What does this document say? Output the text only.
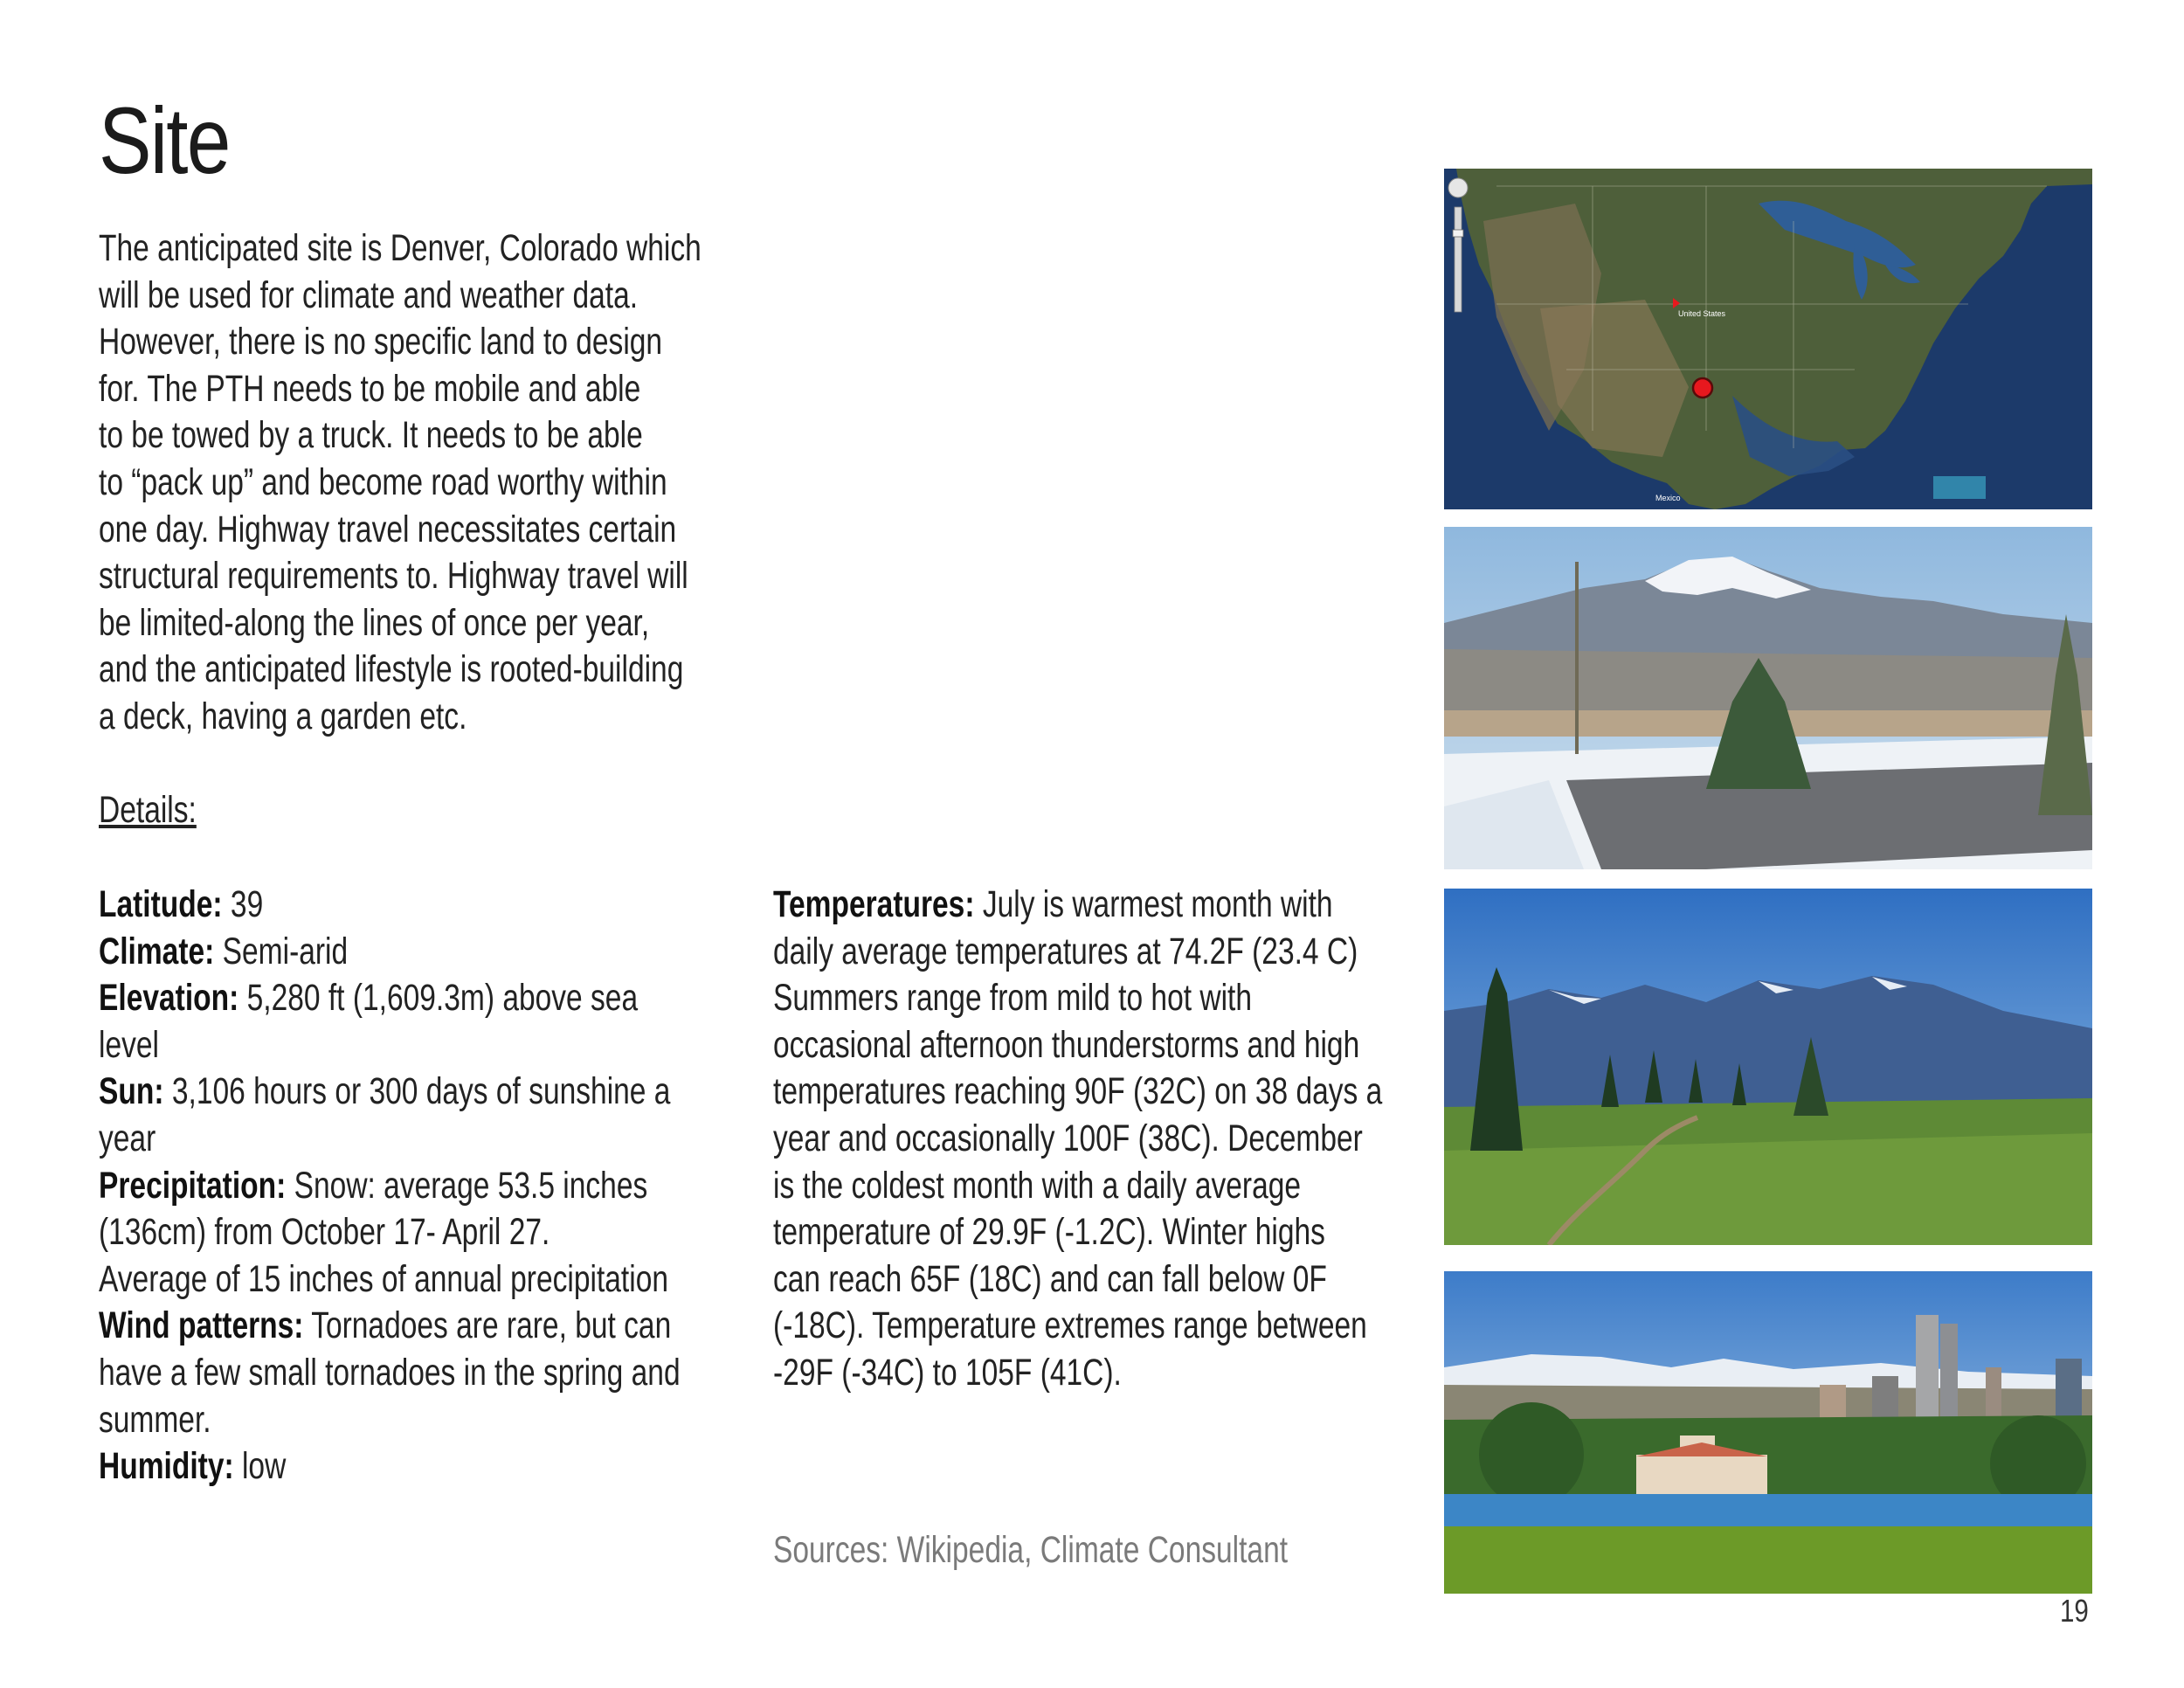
Site
The anticipated site is Denver, Colorado which
will be used for climate and weather data.
However, there is no specific land to design
for. The PTH needs to be mobile and able
to be towed by a truck. It needs to be able
to “pack up” and become road worthy within
one day. Highway travel necessitates certain
structural requirements to. Highway travel will
be limited-along the lines of once per year,
and the anticipated lifestyle is rooted-building
a deck, having a garden etc.
Details:
Latitude: 39
Climate: Semi-arid
Elevation: 5,280 ft (1,609.3m) above sea
level
Sun: 3,106 hours or 300 days of sunshine a
year
Precipitation: Snow: average 53.5 inches
(136cm) from October 17- April 27.
Average of 15 inches of annual precipitation
Wind patterns: Tornadoes are rare, but can
have a few small tornadoes in the spring and
summer.
Humidity: low
Temperatures: July is warmest month with
daily average temperatures at 74.2F (23.4 C)
Summers range from mild to hot with
occasional afternoon thunderstorms and high
temperatures reaching 90F (32C) on 38 days a
year and occasionally 100F (38C). December
is the coldest month with a daily average
temperature of 29.9F (-1.2C). Winter highs
can reach 65F (18C) and can fall below 0F
(-18C). Temperature extremes range between
-29F (-34C) to 105F (41C).
Sources: Wikipedia, Climate Consultant
United States
Mexico
19
